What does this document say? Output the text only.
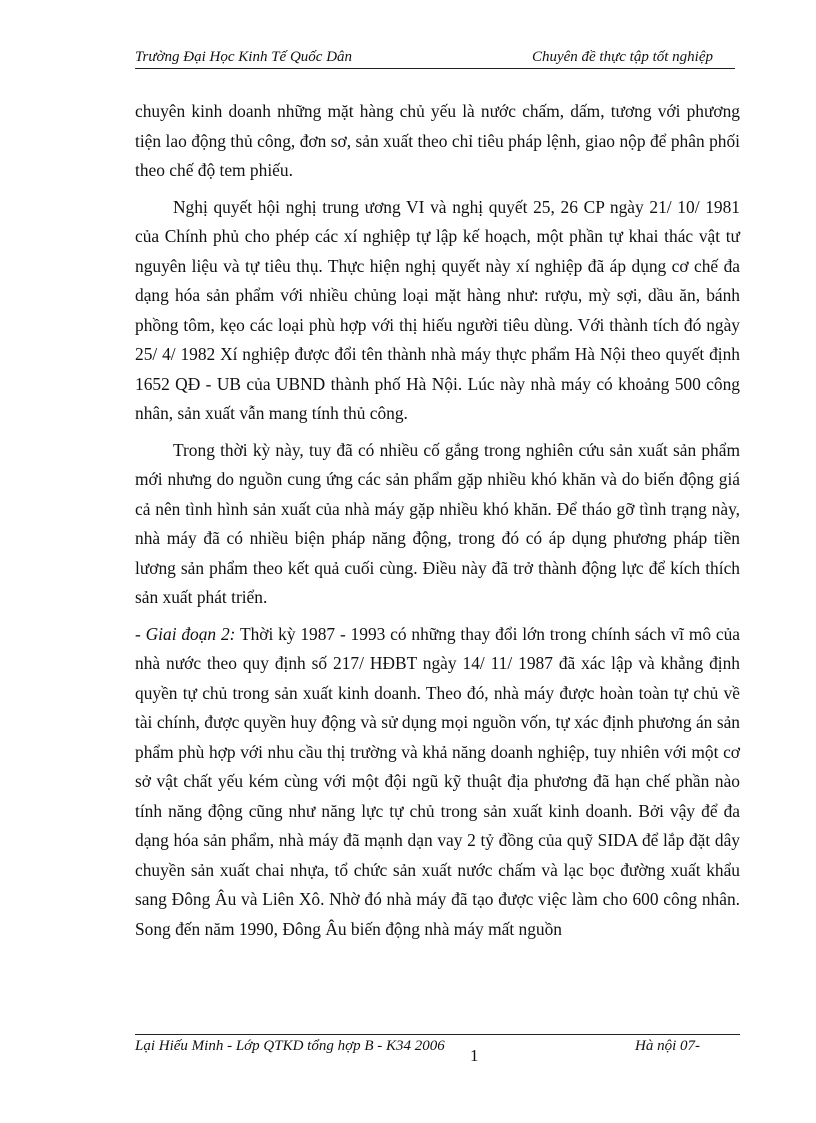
Trường Đại Học Kinh Tế Quốc Dân	Chuyên đề thực tập tốt nghiệp

chuyên kinh doanh những mặt hàng chủ yếu là nước chấm, dấm, tương với phương tiện lao động thủ công, đơn sơ, sản xuất theo chỉ tiêu pháp lệnh, giao nộp để phân phối theo chế độ tem phiếu.

Nghị quyết hội nghị trung ương VI và nghị quyết 25, 26 CP ngày 21/ 10/ 1981 của Chính phủ cho phép các xí nghiệp tự lập kế hoạch, một phần tự khai thác vật tư nguyên liệu và tự tiêu thụ. Thực hiện nghị quyết này xí nghiệp đã áp dụng cơ chế đa dạng hóa sản phẩm với nhiều chủng loại mặt hàng như: rượu, mỳ sợi, dầu ăn, bánh phồng tôm, kẹo các loại phù hợp với thị hiếu người tiêu dùng. Với thành tích đó ngày 25/ 4/ 1982 Xí nghiệp được đổi tên thành nhà máy thực phẩm Hà Nội theo quyết định 1652 QĐ - UB của UBND thành phố Hà Nội. Lúc này nhà máy có khoảng 500 công nhân, sản xuất vẫn mang tính thủ công.

Trong thời kỳ này, tuy đã có nhiều cố gắng trong nghiên cứu sản xuất sản phẩm mới nhưng do nguồn cung ứng các sản phẩm gặp nhiều khó khăn và do biến động giá cả nên tình hình sản xuất của nhà máy gặp nhiều khó khăn. Để tháo gỡ tình trạng này, nhà máy đã có nhiều biện pháp năng động, trong đó có áp dụng phương pháp tiền lương sản phẩm theo kết quả cuối cùng. Điều này đã trở thành động lực để kích thích sản xuất phát triển.

- Giai đoạn 2: Thời kỳ 1987 - 1993 có những thay đổi lớn trong chính sách vĩ mô của nhà nước theo quy định số 217/ HĐBT ngày 14/ 11/ 1987 đã xác lập và khẳng định quyền tự chủ trong sản xuất kinh doanh. Theo đó, nhà máy được hoàn toàn tự chủ về tài chính, được quyền huy động và sử dụng mọi nguồn vốn, tự xác định phương án sản phẩm phù hợp với nhu cầu thị trường và khả năng doanh nghiệp, tuy nhiên với một cơ sở vật chất yếu kém cùng với một đội ngũ kỹ thuật địa phương đã hạn chế phần nào tính năng động cũng như năng lực tự chủ trong sản xuất kinh doanh. Bởi vậy để đa dạng hóa sản phẩm, nhà máy đã mạnh dạn vay 2 tỷ đồng của quỹ SIDA để lắp đặt dây chuyền sản xuất chai nhựa, tổ chức sản xuất nước chấm và lạc bọc đường xuất khẩu sang Đông Âu và Liên Xô. Nhờ đó nhà máy đã tạo được việc làm cho 600 công nhân. Song đến năm 1990, Đông Âu biến động nhà máy mất nguồn

Lại Hiếu Minh - Lớp QTKD tổng hợp B - K34 2006	1	Hà nội 07-
